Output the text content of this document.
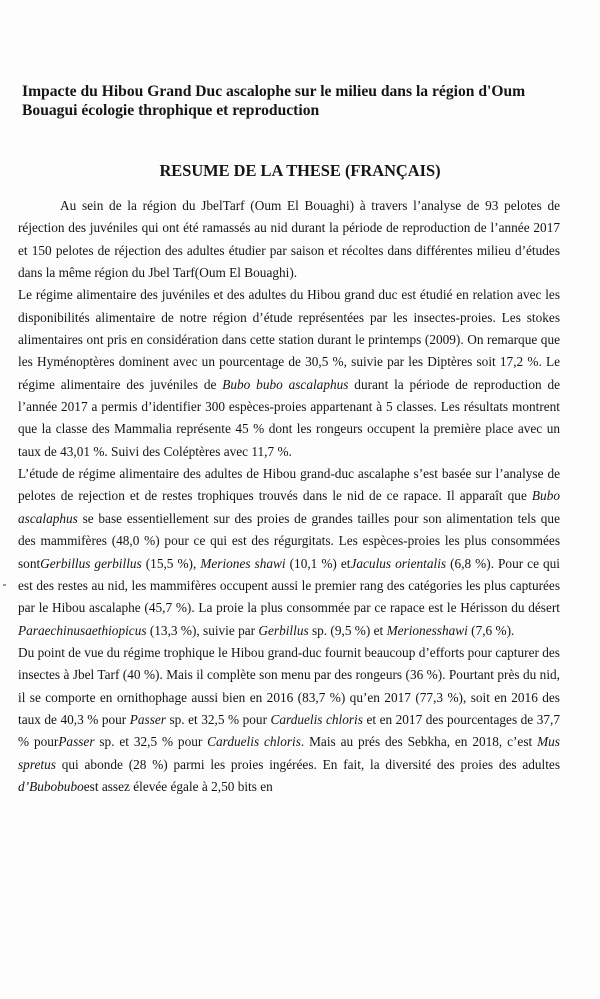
Impacte du Hibou Grand Duc ascalophe sur le milieu dans la région d'Oum Bouagui écologie throphique et reproduction
RESUME DE LA THESE (FRANÇAIS)

Au sein de la région du JbelTarf (Oum El Bouaghi) à travers l’analyse de 93 pelotes de réjection des juvéniles qui ont été ramassés au nid durant la période de reproduction de l’année 2017 et 150 pelotes de réjection des adultes étudier par saison et récoltes dans différentes milieu d’études dans la même région du Jbel Tarf(Oum El Bouaghi).

Le régime alimentaire des juvéniles et des adultes du Hibou grand duc est étudié en relation avec les disponibilités alimentaire de notre région d’étude représentées par les insectes-proies. Les stokes alimentaires ont pris en considération dans cette station durant le printemps (2009). On remarque que les Hyménoptères dominent avec un pourcentage de 30,5 %, suivie par les Diptères soit 17,2 %. Le régime alimentaire des juvéniles de Bubo bubo ascalaphus durant la période de reproduction de l’année 2017 a permis d’identifier 300 espèces-proies appartenant à 5 classes. Les résultats montrent que la classe des Mammalia représente 45 % dont les rongeurs occupent la première place avec un taux de 43,01 %. Suivi des Coléptères avec 11,7 %.

L’étude de régime alimentaire des adultes de Hibou grand-duc ascalaphe s’est basée sur l’analyse de pelotes de rejection et de restes trophiques trouvés dans le nid de ce rapace. Il apparaît que Bubo ascalaphus se base essentiellement sur des proies de grandes tailles pour son alimentation tels que des mammifères (48,0 %) pour ce qui est des régurgitats. Les espèces-proies les plus consommées sontGerbillus gerbillus (15,5 %), Meriones shawi (10,1 %) etJaculus orientalis (6,8 %). Pour ce qui est des restes au nid, les mammifères occupent aussi le premier rang des catégories les plus capturées par le Hibou ascalaphe (45,7 %). La proie la plus consommée par ce rapace est le Hérisson du désert Paraechinusaethiopicus (13,3 %), suivie par Gerbillus sp. (9,5 %) et Merionesshawi (7,6 %).

Du point de vue du régime trophique le Hibou grand-duc fournit beaucoup d’efforts pour capturer des insectes à Jbel Tarf (40 %). Mais il complète son menu par des rongeurs (36 %). Pourtant près du nid, il se comporte en ornithophage aussi bien en 2016 (83,7 %) qu’en 2017 (77,3 %), soit en 2016 des taux de 40,3 % pour Passer sp. et 32,5 % pour Carduelis chloris et en 2017 des pourcentages de 37,7 % pourPasser sp. et 32,5 % pour Carduelis chloris. Mais au prés des Sebkha, en 2018, c’est Mus spretus qui abonde (28 %) parmi les proies ingérées. En fait, la diversité des proies des adultes d’Bubobuboest assez élevée égale à 2,50 bits en
